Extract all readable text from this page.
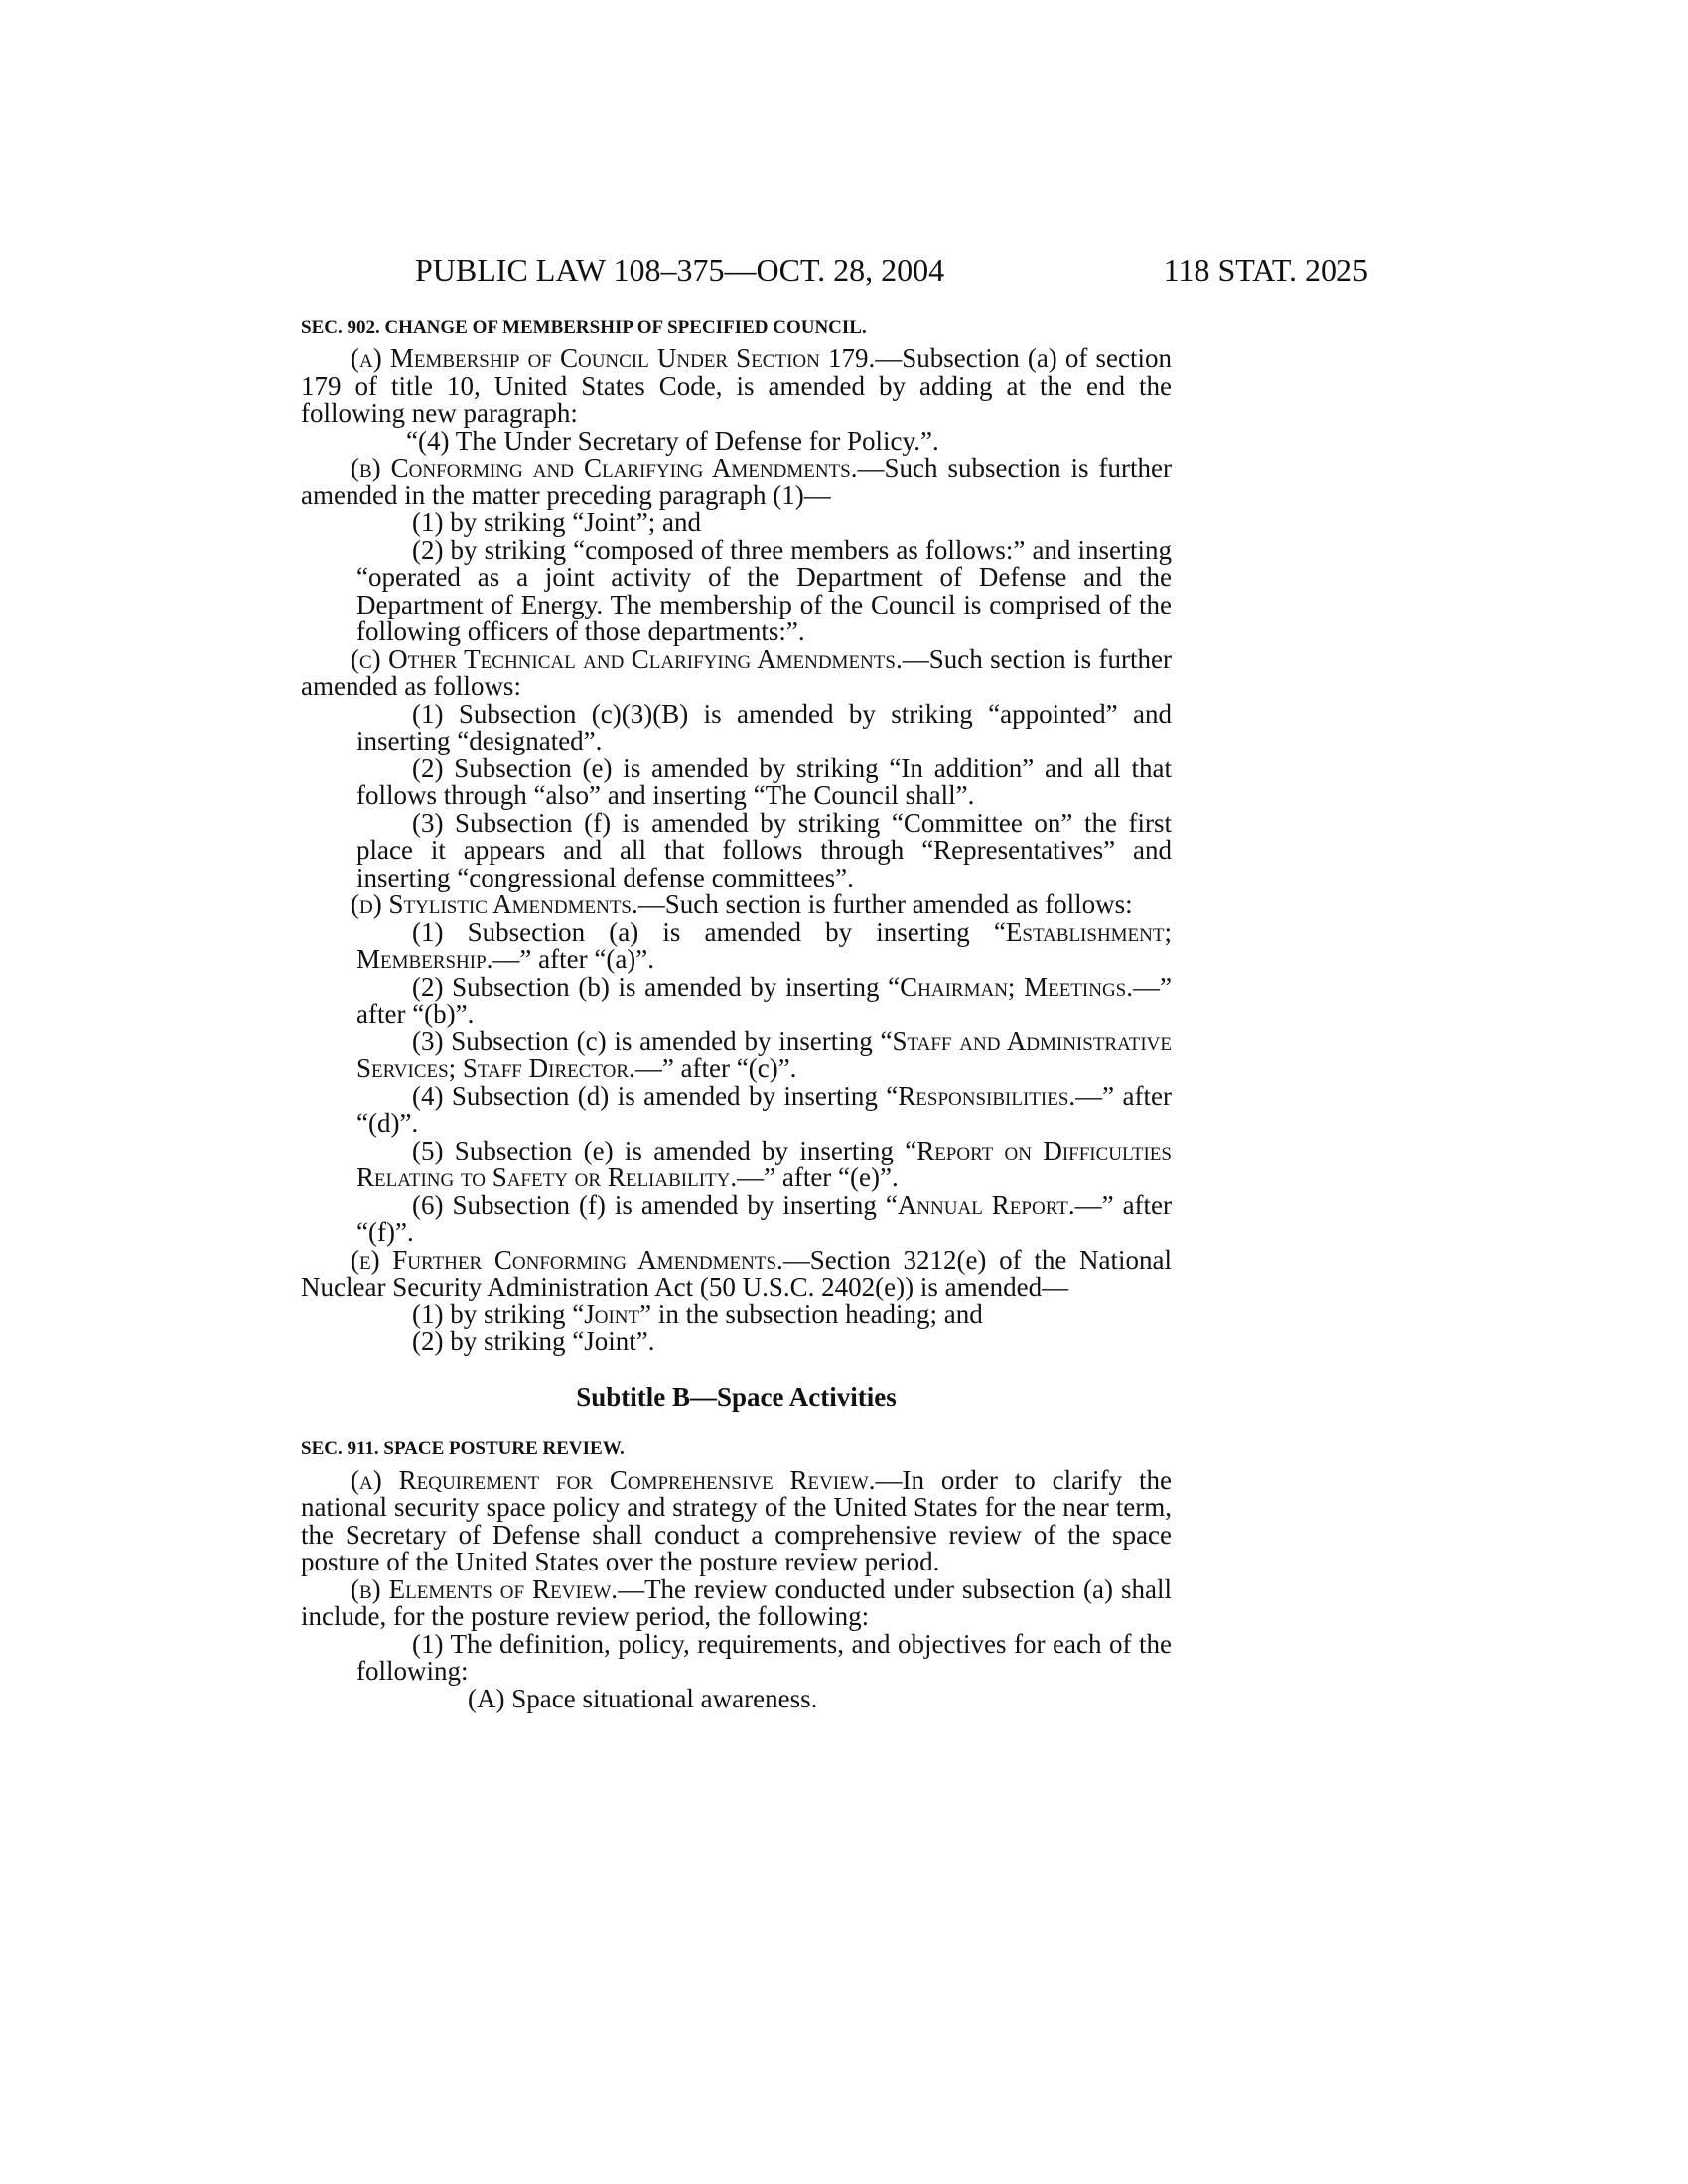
PUBLIC LAW 108–375—OCT. 28, 2004	118 STAT. 2025
SEC. 902. CHANGE OF MEMBERSHIP OF SPECIFIED COUNCIL.

(a) Membership of Council Under Section 179.—Subsection (a) of section 179 of title 10, United States Code, is amended by adding at the end the following new paragraph:

“(4) The Under Secretary of Defense for Policy.”.

(b) Conforming and Clarifying Amendments.—Such subsection is further amended in the matter preceding paragraph (1)—

(1) by striking “Joint”; and

(2) by striking “composed of three members as follows:” and inserting “operated as a joint activity of the Department of Defense and the Department of Energy. The membership of the Council is comprised of the following officers of those departments:”.

(c) Other Technical and Clarifying Amendments.—Such section is further amended as follows:

(1) Subsection (c)(3)(B) is amended by striking “appointed” and inserting “designated”.

(2) Subsection (e) is amended by striking “In addition” and all that follows through “also” and inserting “The Council shall”.

(3) Subsection (f) is amended by striking “Committee on” the first place it appears and all that follows through “Representatives” and inserting “congressional defense committees”.

(d) Stylistic Amendments.—Such section is further amended as follows:

(1) Subsection (a) is amended by inserting “Establishment; Membership.—” after “(a)”.

(2) Subsection (b) is amended by inserting “Chairman; Meetings.—” after “(b)”.

(3) Subsection (c) is amended by inserting “Staff and Administrative Services; Staff Director.—” after “(c)”.

(4) Subsection (d) is amended by inserting “Responsibilities.—” after “(d)”.

(5) Subsection (e) is amended by inserting “Report on Difficulties Relating to Safety or Reliability.—” after “(e)”.

(6) Subsection (f) is amended by inserting “Annual Report.—” after “(f)”.

(e) Further Conforming Amendments.—Section 3212(e) of the National Nuclear Security Administration Act (50 U.S.C. 2402(e)) is amended—

(1) by striking “Joint” in the subsection heading; and

(2) by striking “Joint”.

Subtitle B—Space Activities
SEC. 911. SPACE POSTURE REVIEW.

(a) Requirement for Comprehensive Review.—In order to clarify the national security space policy and strategy of the United States for the near term, the Secretary of Defense shall conduct a comprehensive review of the space posture of the United States over the posture review period.

(b) Elements of Review.—The review conducted under subsection (a) shall include, for the posture review period, the following:

(1) The definition, policy, requirements, and objectives for each of the following:

(A) Space situational awareness.
